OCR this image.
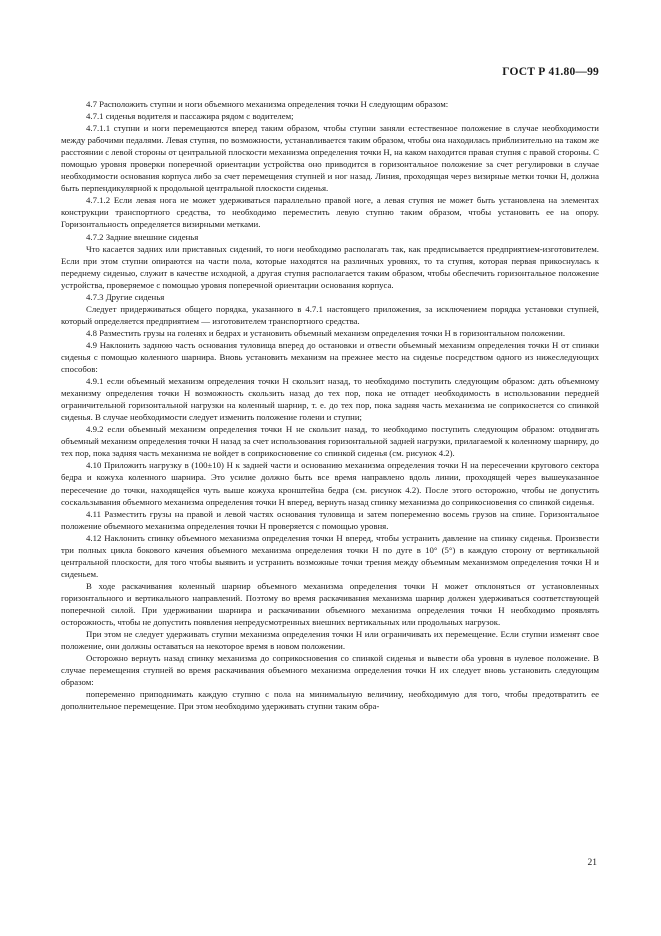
ГОСТ Р 41.80—99

4.7 Расположить ступни и ноги объемного механизма определения точки H следующим образом:

4.7.1 сиденья водителя и пассажира рядом с водителем;

4.7.1.1 ступни и ноги перемещаются вперед таким образом, чтобы ступни заняли естественное положение в случае необходимости между рабочими педалями. Левая ступня, по возможности, устанавливается таким образом, чтобы она находилась приблизительно на таком же расстоянии с левой стороны от центральной плоскости механизма определения точки H, на каком находится правая ступня с правой стороны. С помощью уровня проверки поперечной ориентации устройства оно приводится в горизонтальное положение за счет регулировки в случае необходимости основания корпуса либо за счет перемещения ступней и ног назад. Линия, проходящая через визирные метки точки H, должна быть перпендикулярной к продольной центральной плоскости сиденья.

4.7.1.2 Если левая нога не может удерживаться параллельно правой ноге, а левая ступня не может быть установлена на элементах конструкции транспортного средства, то необходимо переместить левую ступню таким образом, чтобы установить ее на опору. Горизонтальность определяется визирными метками.

4.7.2 Задние внешние сиденья

Что касается задних или приставных сидений, то ноги необходимо располагать так, как предписывается предприятием-изготовителем. Если при этом ступни опираются на части пола, которые находятся на различных уровнях, то та ступня, которая первая прикоснулась к переднему сиденью, служит в качестве исходной, а другая ступня располагается таким образом, чтобы обеспечить горизонтальное положение устройства, проверяемое с помощью уровня поперечной ориентации основания корпуса.

4.7.3 Другие сиденья

Следует придерживаться общего порядка, указанного в 4.7.1 настоящего приложения, за исключением порядка установки ступней, который определяется предприятием — изготовителем транспортного средства.

4.8 Разместить грузы на голенях и бедрах и установить объемный механизм определения точки H в горизонтальном положении.

4.9 Наклонить заднюю часть основания туловища вперед до остановки и отвести объемный механизм определения точки H от спинки сиденья с помощью коленного шарнира. Вновь установить механизм на прежнее место на сиденье посредством одного из нижеследующих способов:

4.9.1 если объемный механизм определения точки H скользит назад, то необходимо поступить следующим образом: дать объемному механизму определения точки H возможность скользить назад до тех пор, пока не отпадет необходимость в использовании передней ограничительной горизонтальной нагрузки на коленный шарнир, т. е. до тех пор, пока задняя часть механизма не соприкоснется со спинкой сиденья. В случае необходимости следует изменить положение голени и ступни;

4.9.2 если объемный механизм определения точки H не скользит назад, то необходимо поступить следующим образом: отодвигать объемный механизм определения точки H назад за счет использования горизонтальной задней нагрузки, прилагаемой к коленному шарниру, до тех пор, пока задняя часть механизма не войдет в соприкосновение со спинкой сиденья (см. рисунок 4.2).

4.10 Приложить нагрузку в (100±10) H к задней части и основанию механизма определения точки H на пересечении кругового сектора бедра и кожуха коленного шарнира. Это усилие должно быть все время направлено вдоль линии, проходящей через вышеуказанное пересечение до точки, находящейся чуть выше кожуха кронштейна бедра (см. рисунок 4.2). После этого осторожно, чтобы не допустить соскальзывания объемного механизма определения точки H вперед, вернуть назад спинку механизма до соприкосновения со спинкой сиденья.

4.11 Разместить грузы на правой и левой частях основания туловища и затем попеременно восемь грузов на спине. Горизонтальное положение объемного механизма определения точки H проверяется с помощью уровня.

4.12 Наклонить спинку объемного механизма определения точки H вперед, чтобы устранить давление на спинку сиденья. Произвести три полных цикла бокового качения объемного механизма определения точки H по дуге в 10° (5°) в каждую сторону от вертикальной центральной плоскости, для того чтобы выявить и устранить возможные точки трения между объемным механизмом определения точки H и сиденьем.

В ходе раскачивания коленный шарнир объемного механизма определения точки H может отклоняться от установленных горизонтального и вертикального направлений. Поэтому во время раскачивания механизма шарнир должен удерживаться соответствующей поперечной силой. При удерживании шарнира и раскачивании объемного механизма определения точки H необходимо проявлять осторожность, чтобы не допустить появления непредусмотренных внешних вертикальных или продольных нагрузок.

При этом не следует удерживать ступни механизма определения точки H или ограничивать их перемещение. Если ступни изменят свое положение, они должны оставаться на некоторое время в новом положении.

Осторожно вернуть назад спинку механизма до соприкосновения со спинкой сиденья и вывести оба уровня в нулевое положение. В случае перемещения ступней во время раскачивания объемного механизма определения точки H их следует вновь установить следующим образом:

попеременно приподнимать каждую ступню с пола на минимальную величину, необходимую для того, чтобы предотвратить ее дополнительное перемещение. При этом необходимо удерживать ступни таким обра-

21
